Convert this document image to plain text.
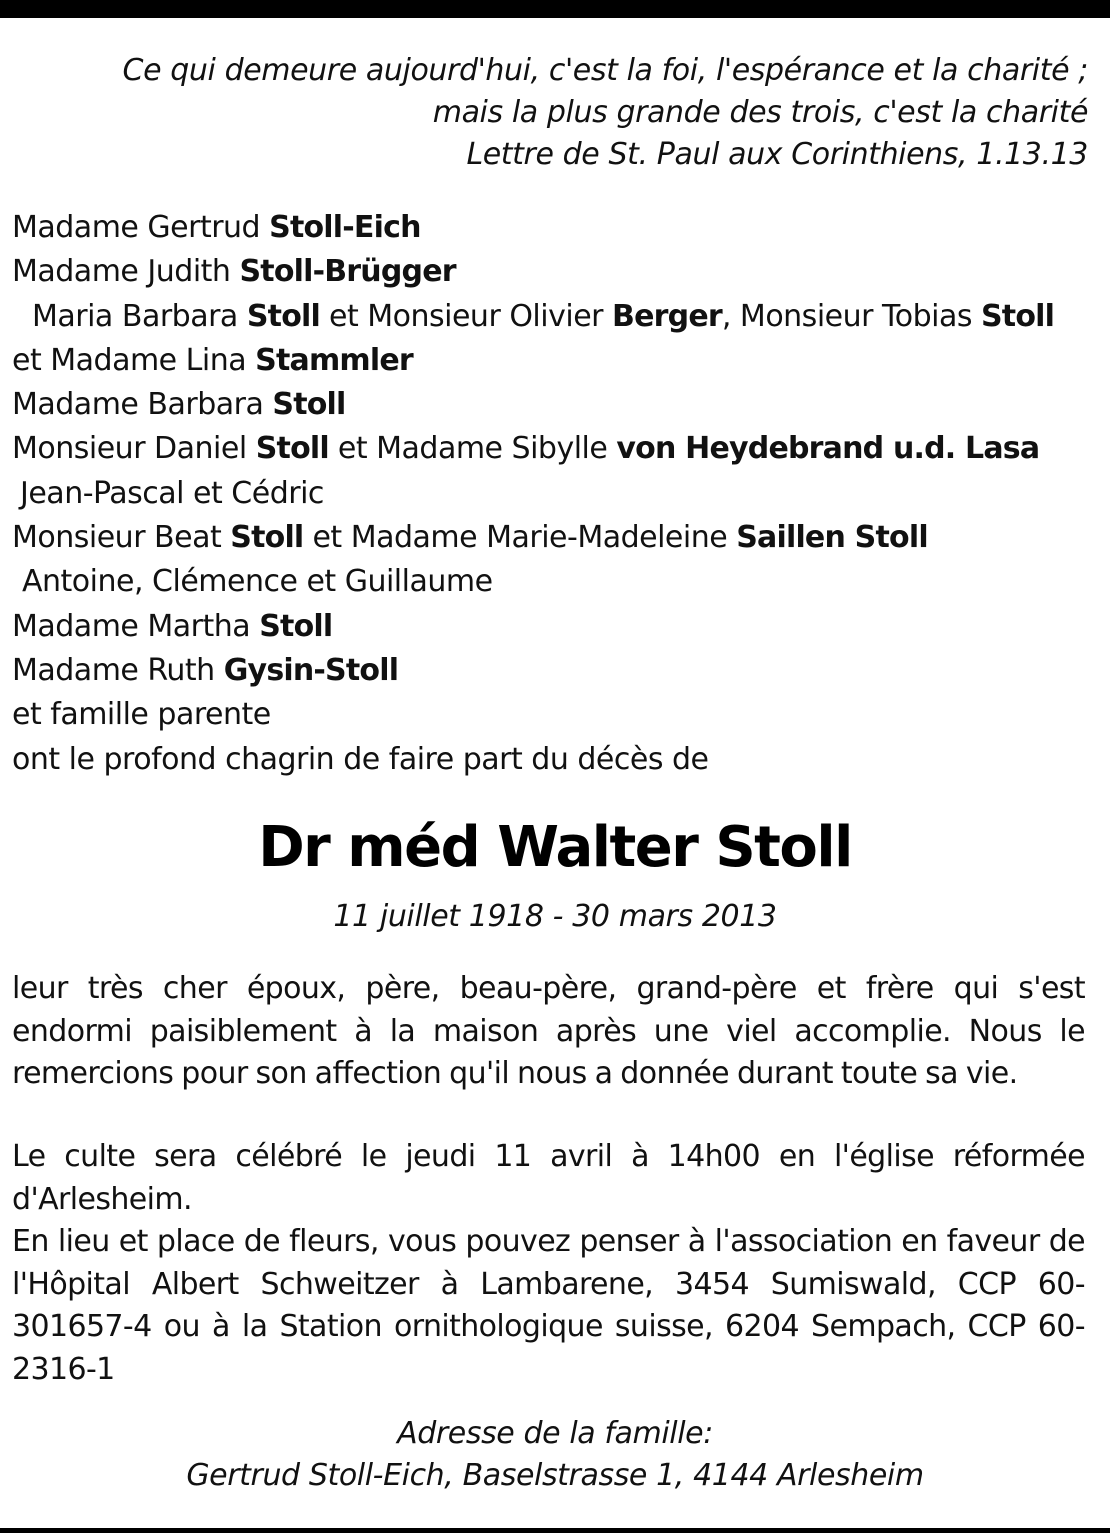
Ce qui demeure aujourd'hui, c'est la foi, l'espérance et la charité ;
mais la plus grande des trois, c'est la charité
Lettre de St. Paul aux Corinthiens, 1.13.13
Madame Gertrud Stoll-Eich
Madame Judith Stoll-Brügger
Maria Barbara Stoll et Monsieur Olivier Berger, Monsieur Tobias Stoll
et Madame Lina Stammler
Madame Barbara Stoll
Monsieur Daniel Stoll et Madame Sibylle von Heydebrand u.d. Lasa
Jean-Pascal et Cédric
Monsieur Beat Stoll et Madame Marie-Madeleine Saillen Stoll
Antoine, Clémence et Guillaume
Madame Martha Stoll
Madame Ruth Gysin-Stoll
et famille parente
ont le profond chagrin de faire part du décès de
Dr méd Walter Stoll
11 juillet 1918 - 30 mars 2013
leur très cher époux, père, beau-père, grand-père et frère qui s'est endormi paisiblement à la maison après une viel accomplie. Nous le remercions pour son affection qu'il nous a donnée durant toute sa vie.
Le culte sera célébré le jeudi 11 avril à 14h00 en l'église réformée d'Arlesheim.
En lieu et place de fleurs, vous pouvez penser à l'association en faveur de l'Hôpital Albert Schweitzer à Lambarene, 3454 Sumiswald, CCP 60-301657-4 ou à la Station ornithologique suisse, 6204 Sempach, CCP 60-2316-1
Adresse de la famille:
Gertrud Stoll-Eich, Baselstrasse 1, 4144 Arlesheim
